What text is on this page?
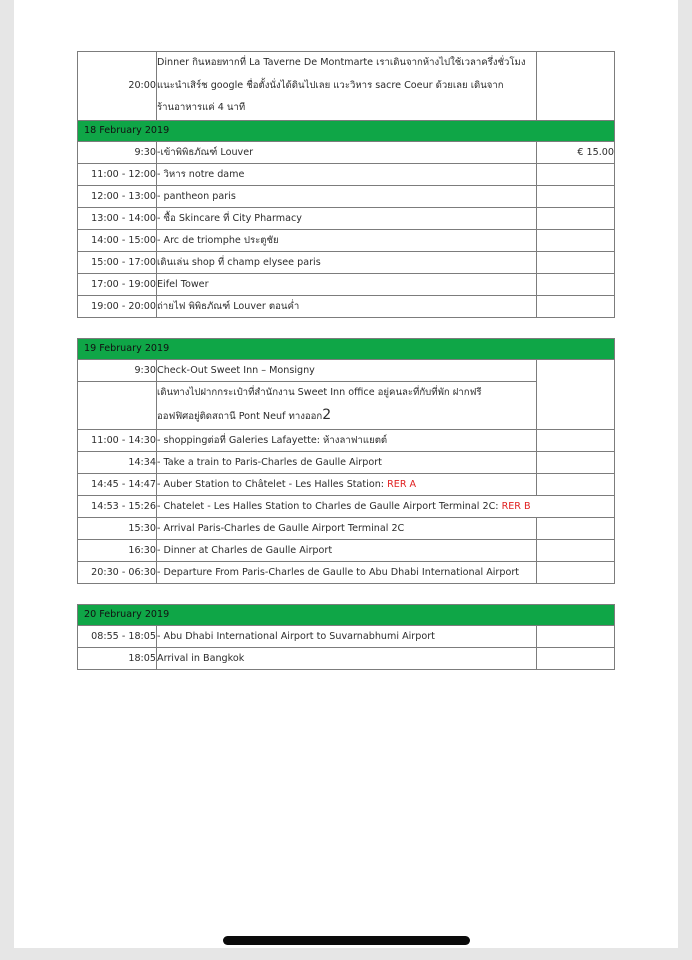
20:00	Dinner กินหอยทากที่ La Taverne De Montmarte เราเดินจากห้างไปใช้เวลาครึ่งชั่วโมง
แนะนำเสิร์ช google ชื่อตั้งนั่งได้ดินไปเลย แวะวิหาร sacre Coeur ด้วยเลย เดินจาก
ร้านอาหารแค่ 4 นาที	

18 February 2019		
9:30	-เข้าพิพิธภัณฑ์ Louver	€ 15.00
11:00 - 12:00	- วิหาร notre dame	
12:00 - 13:00	- pantheon paris	
13:00 - 14:00	- ซื้อ Skincare ที่ City Pharmacy	
14:00 - 15:00	- Arc de triomphe ประตูชัย	
15:00 - 17:00	เดินเล่น shop ที่ champ elysee paris	
17:00 - 19:00	Eifel Tower	
19:00 - 20:00	ถ่ายไฟ พิพิธภัณฑ์ Louver ตอนค่ำ	

19 February 2019		
9:30	Check-Out Sweet Inn – Monsigny	

	เดินทางไปฝากกระเป๋าที่สำนักงาน Sweet Inn office อยู่คนละที่กับที่พัก ฝากฟรี
ออฟฟิศอยู่ติดสถานี Pont Neuf ทางออก2	

11:00 - 14:30	- shoppingต่อที่ Galeries Lafayette: ห้างลาฟาแยตต์	
14:34	- Take a train to Paris-Charles de Gaulle Airport	
14:45 - 14:47	- Auber Station to Châtelet - Les Halles Station: RER A	
14:53 - 15:26	- Chatelet - Les Halles Station to Charles de Gaulle Airport Terminal 2C: RER B	
15:30	- Arrival Paris-Charles de Gaulle Airport Terminal 2C	
16:30	- Dinner at Charles de Gaulle Airport	
20:30 - 06:30	- Departure From Paris-Charles de Gaulle to Abu Dhabi International Airport	

20 February 2019		
08:55 - 18:05	- Abu Dhabi International Airport to Suvarnabhumi Airport	
18:05	Arrival in Bangkok	
